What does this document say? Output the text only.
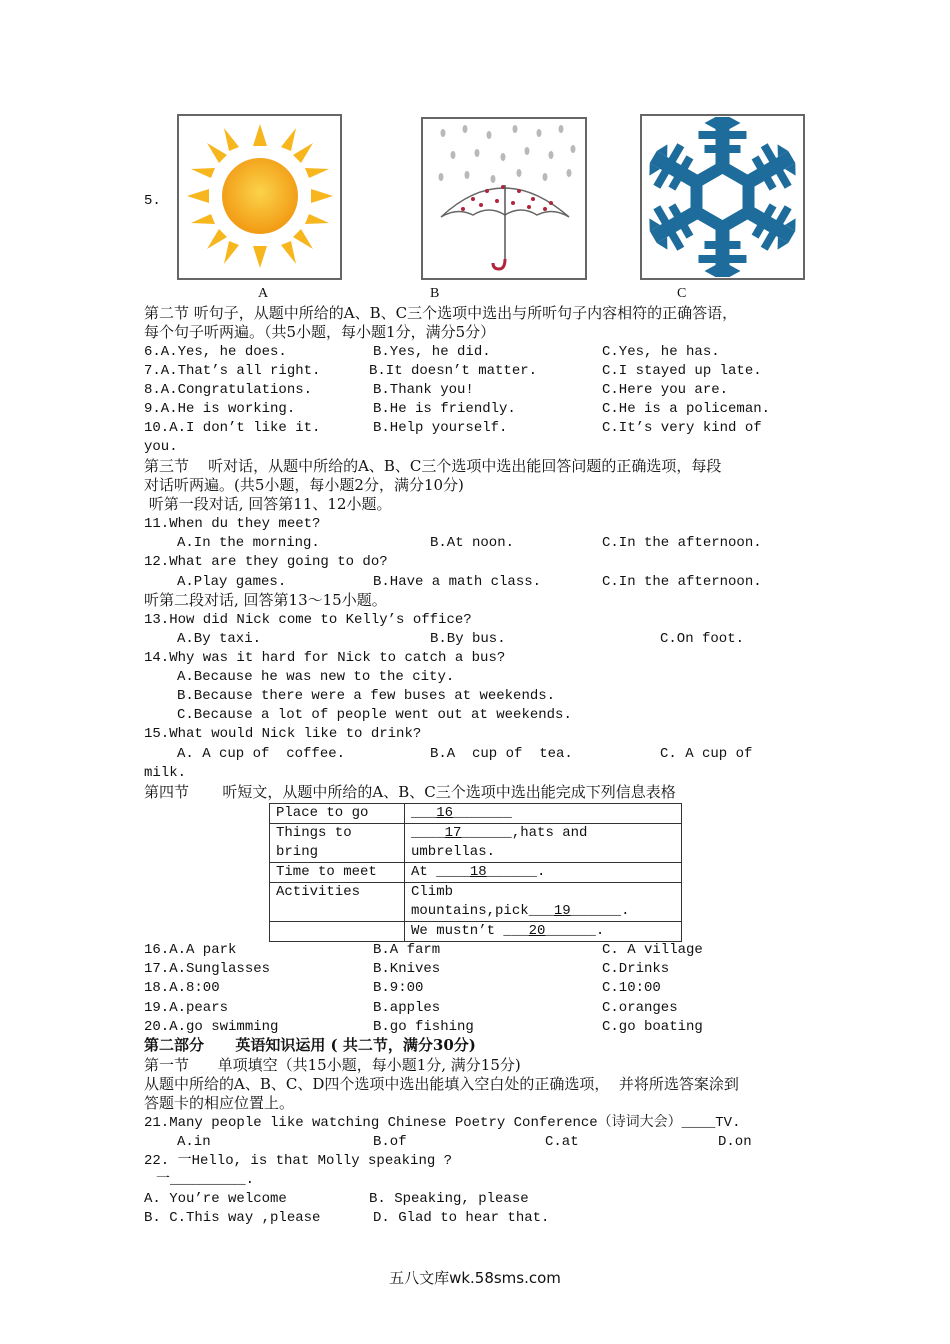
5.
A	B	C
第二节 听句子，从题中所给的A、B、C三个选项中选出与所听句子内容相符的正确答语，
每个句子听两遍。（共5小题，每小题1分，满分5分）
6.A.Yes, he does.	B.Yes, he did.	C.Yes, he has.
7.A.That’s all right.	B.It doesn’t matter.	C.I stayed up late.
8.A.Congratulations.	B.Thank you!	C.Here you are.
9.A.He is working.	B.He is friendly.	C.He is a policeman.
10.A.I don’t like it.	B.Help yourself.	C.It’s very kind of
you.
第三节    听对话，从题中所给的A、B、C三个选项中选出能回答问题的正确选项，每段
对话听两遍。(共5小题，每小题2分，满分10分)
听第一段对话, 回答第11、12小题。
11.When du they meet?
A.In the morning.	B.At noon.	C.In the afternoon.
12.What are they going to do?
A.Play games.	B.Have a math class.	C.In the afternoon.
听第二段对话, 回答第13～15小题。
13.How did Nick come to Kelly’s office?
A.By taxi.	B.By bus.	C.On foot.
14.Why was it hard for Nick to catch a bus?
A.Because he was new to the city.
B.Because there were a few buses at weekends.
C.Because a lot of people went out at weekends.
15.What would Nick like to drink?
A. A cup of  coffee.	B.A  cup of  tea.	C. A cup of
milk.
第四节       听短文，从题中所给的A、B、C三个选项中选出能完成下列信息表格
Place to go	___16_______
Things to
bring	____17______,hats and
umbrellas.
Time to meet	At ____18______.
Activities	Climb
mountains,pick___19______.
	We mustn’t ___20______.
16.A.A park	B.A farm	C. A village
17.A.Sunglasses	B.Knives	C.Drinks
18.A.8:00	B.9:00	C.10:00
19.A.pears	B.apples	C.oranges
20.A.go swimming	B.go fishing	C.go boating
第二部分      英语知识运用 ( 共二节，满分30分)
第一节      单项填空（共15小题，每小题1分, 满分15分)
从题中所给的A、B、C、D四个选项中选出能填入空白处的正确选项，  并将所选答案涂到
答题卡的相应位置上。
21.Many people like watching Chinese Poetry Conference（诗词大会）____TV.
A.in	B.of	C.at	D.on
22. 一Hello, is that Molly speaking ?
一_________.
A. You’re welcome	B. Speaking, please
B. C.This way ,please	D. Glad to hear that.
五八文库wk.58sms.com
